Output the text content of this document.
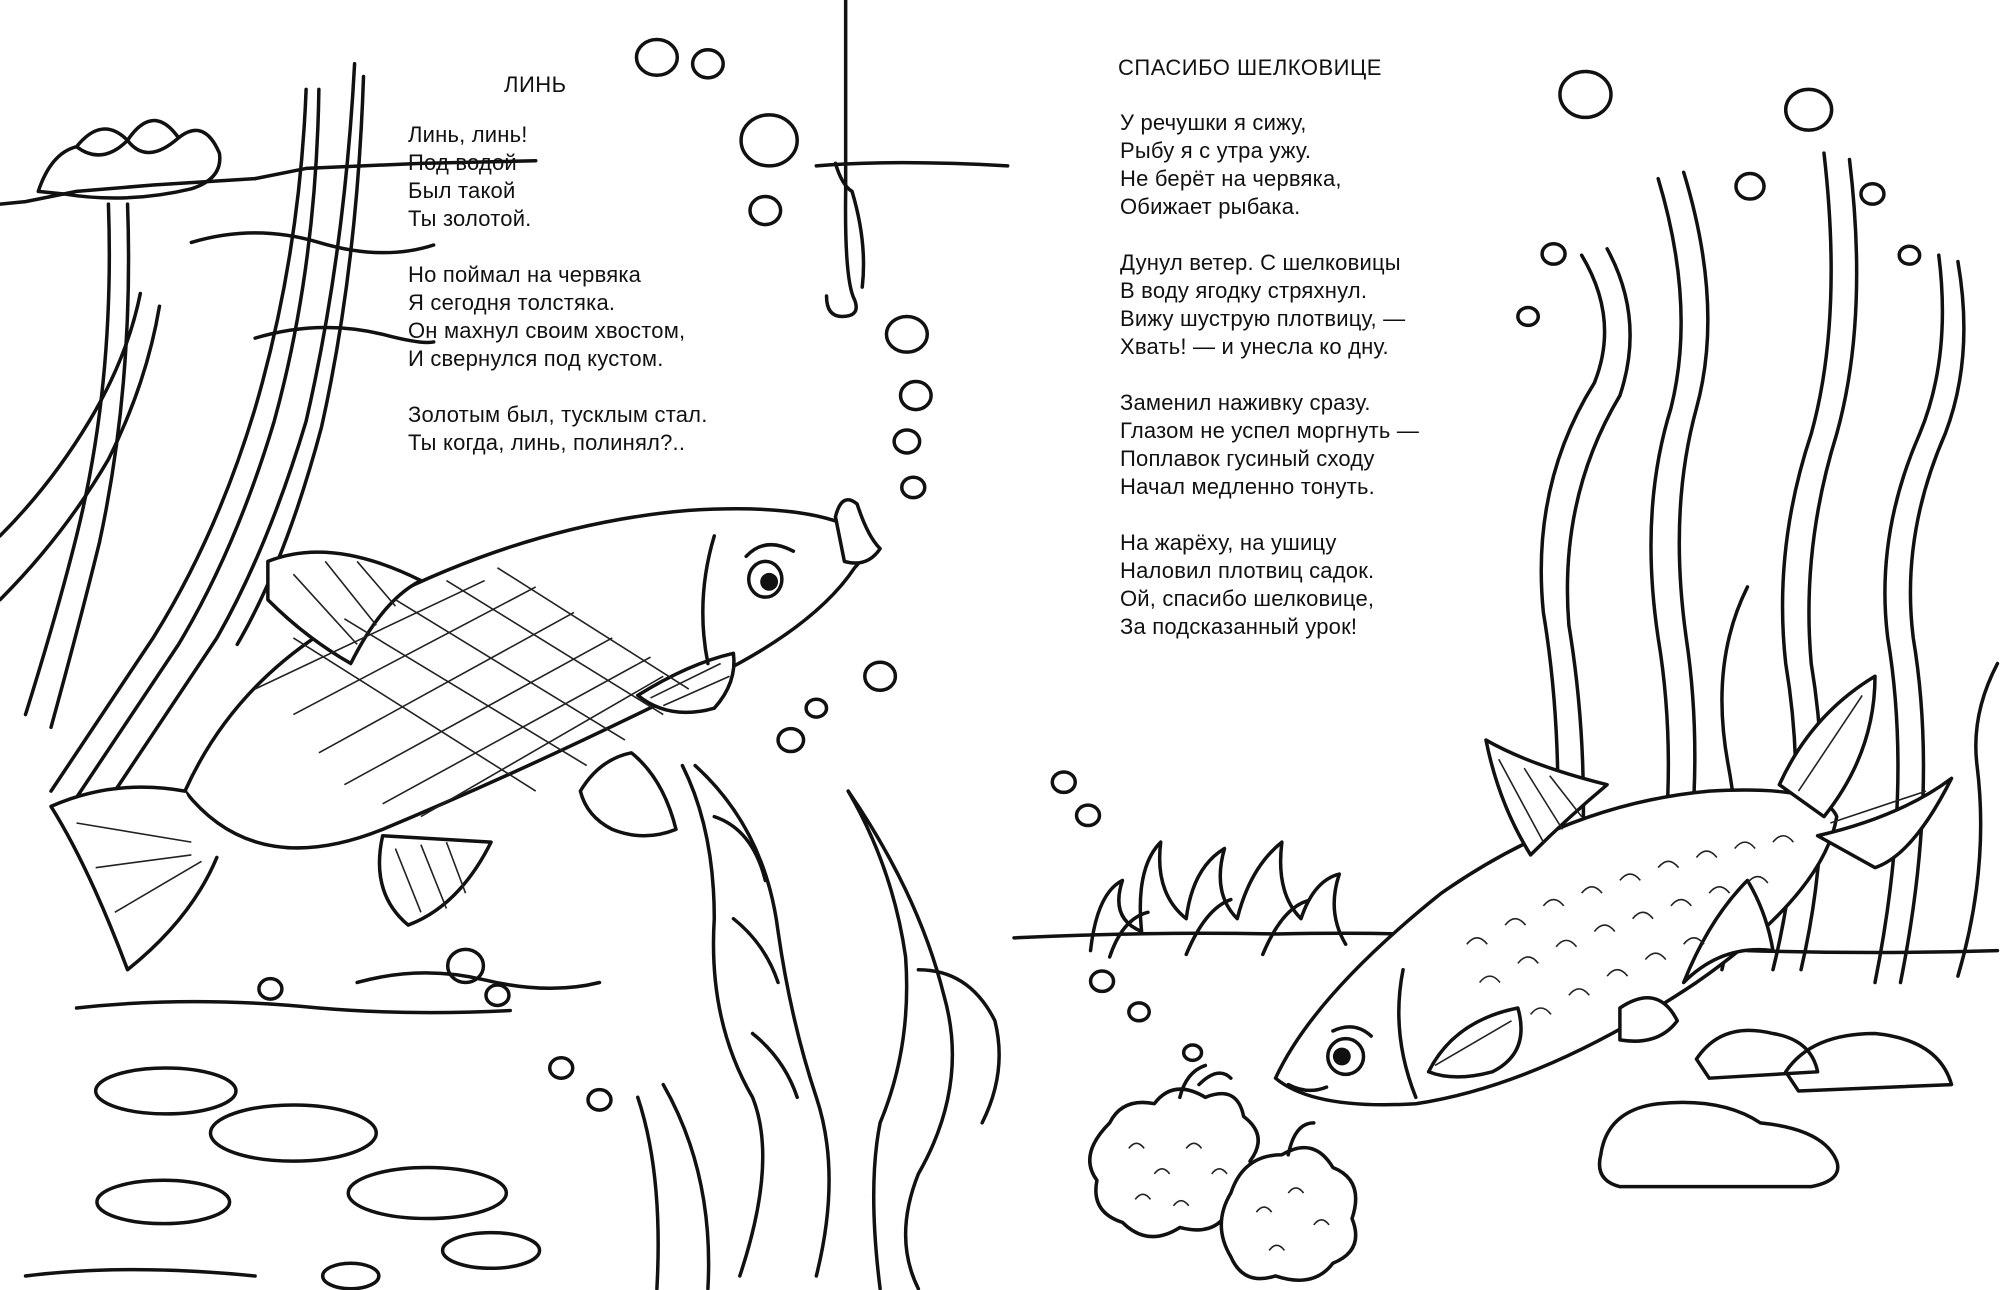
ЛИНЬ
Линь, линь!
Под водой
Был такой
Ты золотой.
Но поймал на червяка
Я сегодня толстяка.
Он махнул своим хвостом,
И свернулся под кустом.
Золотым был, тусклым стал.
Ты когда, линь, полинял?..
СПАСИБО ШЕЛКОВИЦЕ
У речушки я сижу,
Рыбу я с утра ужу.
Не берёт на червяка,
Обижает рыбака.
Дунул ветер. С шелковицы
В воду ягодку стряхнул.
Вижу шуструю плотвицу, —
Хвать! — и унесла ко дну.
Заменил наживку сразу.
Глазом не успел моргнуть —
Поплавок гусиный сходу
Начал медленно тонуть.
На жарёху, на ушицу
Наловил плотвиц садок.
Ой, спасибо шелковице,
За подсказанный урок!
